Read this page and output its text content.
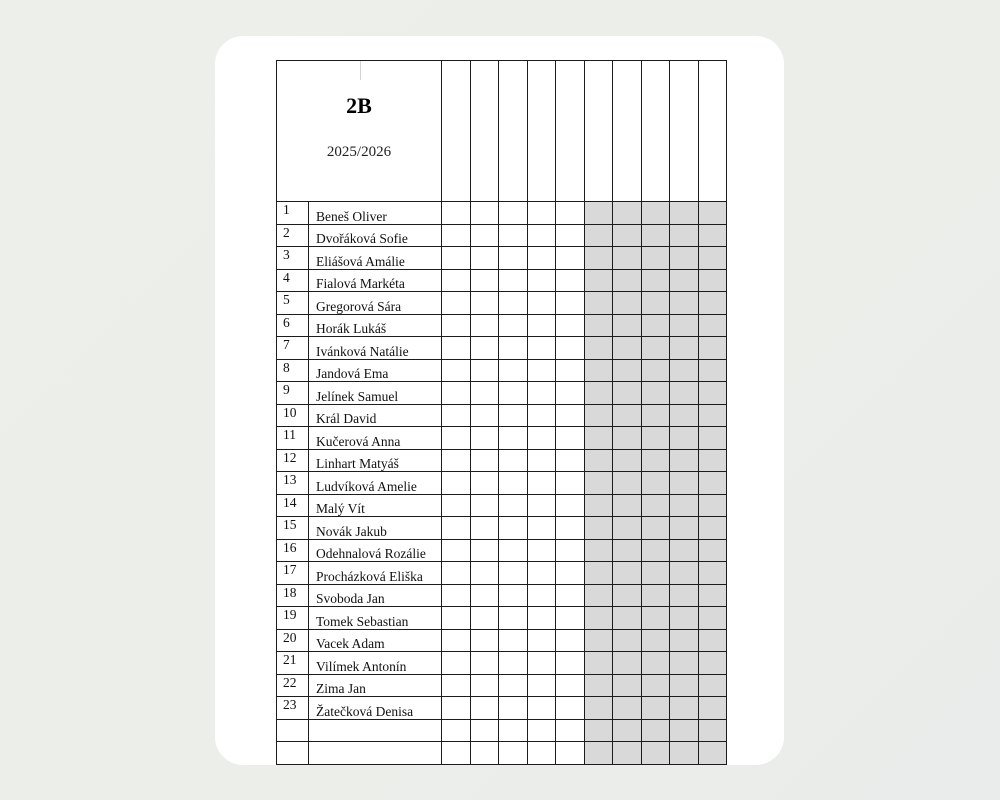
2B
2025/2026											

1	Beneš Oliver										
2	Dvořáková Sofie										
3	Eliášová Amálie										
4	Fialová Markéta										
5	Gregorová Sára										
6	Horák Lukáš										
7	Ivánková Natálie										
8	Jandová Ema										
9	Jelínek Samuel										
10	Král David										
11	Kučerová Anna										
12	Linhart Matyáš										
13	Ludvíková Amelie										
14	Malý Vít										
15	Novák Jakub										
16	Odehnalová Rozálie										
17	Procházková Eliška										
18	Svoboda Jan										
19	Tomek Sebastian										
20	Vacek Adam										
21	Vilímek Antonín										
22	Zima Jan										
23	Žatečková Denisa										
